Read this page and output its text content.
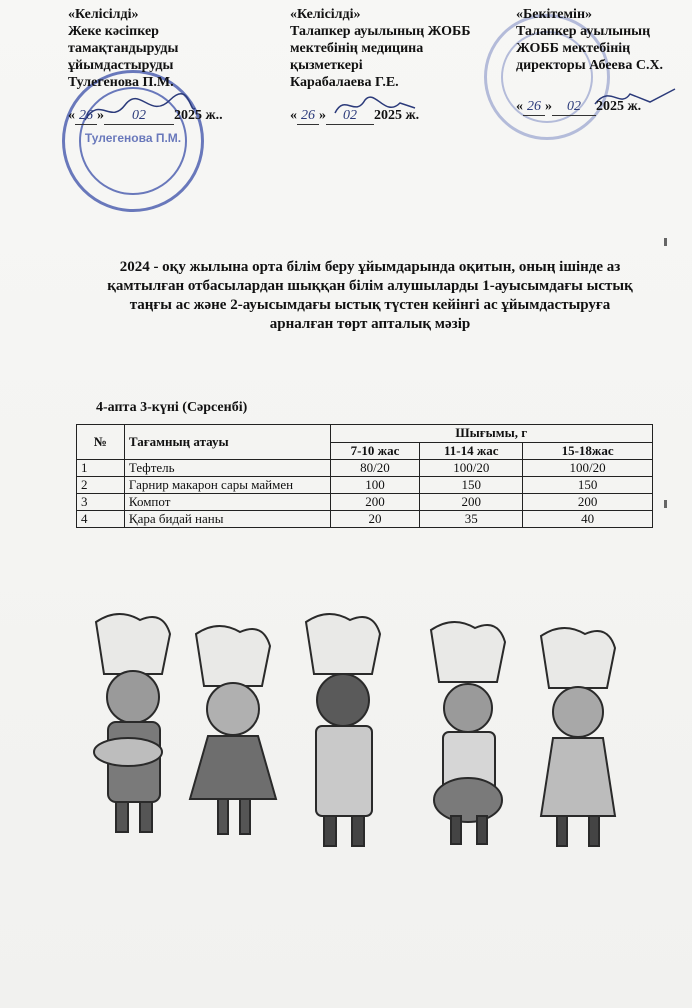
Тулегенова П.М.
«Келісілді»
Жеке кәсіпкер
тамақтандыруды
ұйымдастыруды
Тулегенова П.М.
« 26 » 02 2025 ж..
«Келісілді»
Талапкер ауылының ЖОББ
мектебінің медицина
қызметкері
Карабалаева Г.Е.
« 26 » 02 2025 ж.
«Бекітемін»
Талапкер ауылының
ЖОББ мектебінің
директоры Абеева С.Х.
« 26 » 02 2025 ж.
2024 - оқу жылына орта білім беру ұйымдарында оқитын, оның ішінде аз
қамтылған отбасылардан шыққан білім алушыларды 1-ауысымдағы ыстық
таңғы ас және 2-ауысымдағы ыстық түстен кейінгі ас ұйымдастыруға
арналған төрт апталық мәзір
4-апта 3-күні (Сәрсенбі)
№	Тағамның атауы	Шығымы, г		
		7-10 жас	11-14 жас	15-18жас
1	Тефтель	80/20	100/20	100/20
2	Гарнир макарон сары маймен	100	150	150
3	Компот	200	200	200
4	Қара бидай наны	20	35	40
